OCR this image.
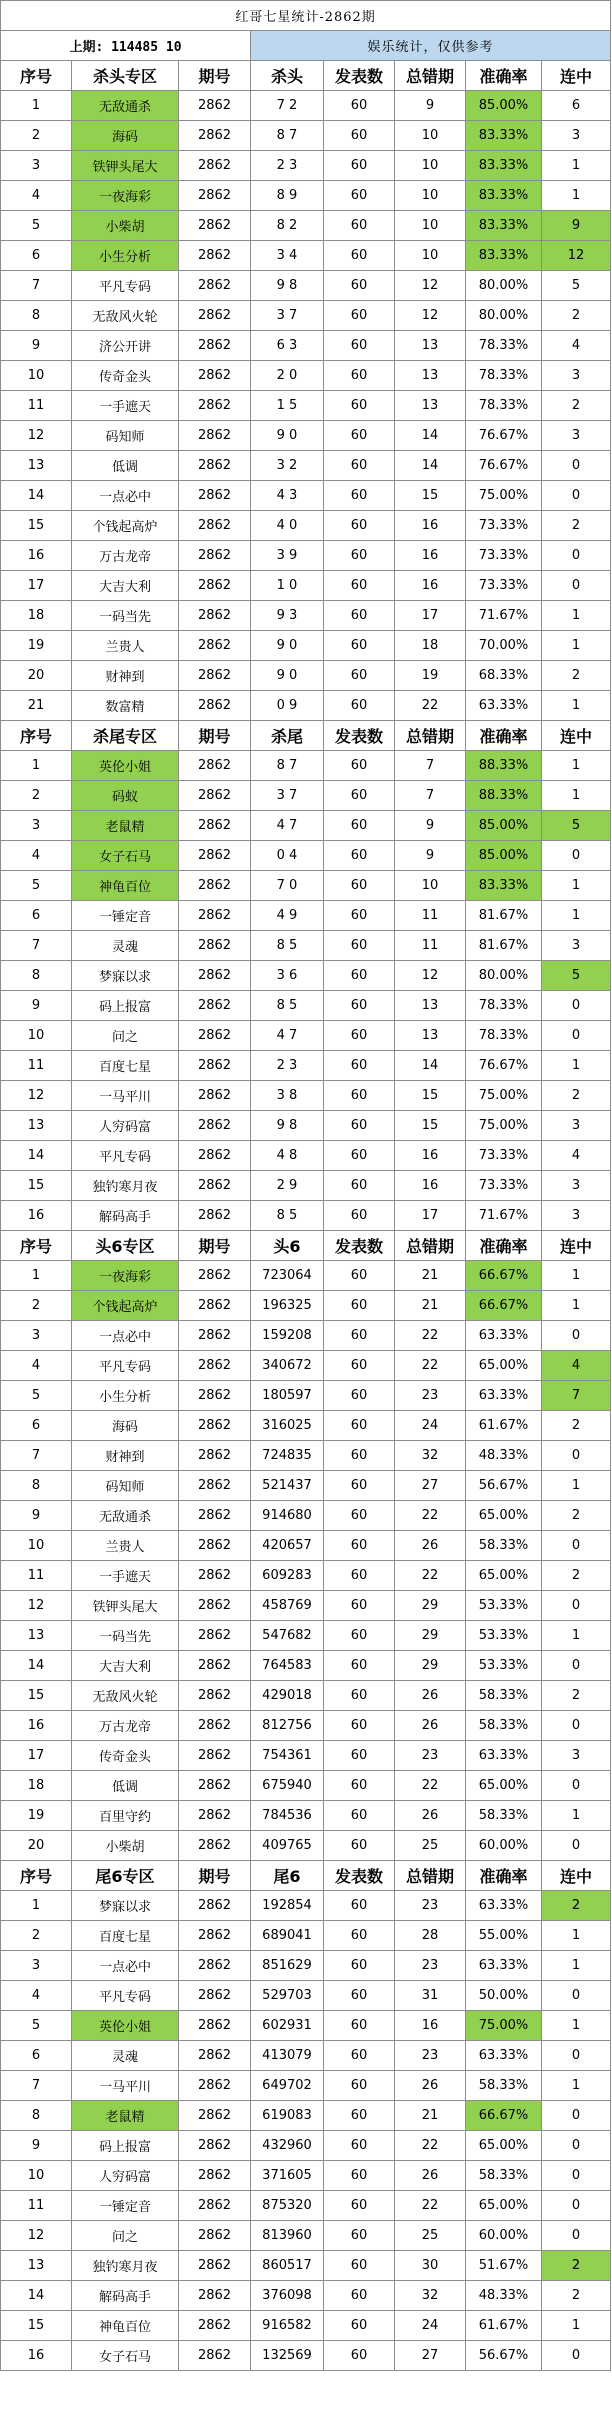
红哥七星统计-2862期							
上期: 114485 10			娱乐统计，仅供参考				
序号	杀头专区	期号	杀头	发表数	总错期	准确率	连中
1	无敌通杀	2862	7 2	60	9	85.00%	6
2	海码	2862	8 7	60	10	83.33%	3
3	铁钾头尾大	2862	2 3	60	10	83.33%	1
4	一夜海彩	2862	8 9	60	10	83.33%	1
5	小柴胡	2862	8 2	60	10	83.33%	9
6	小生分析	2862	3 4	60	10	83.33%	12
7	平凡专码	2862	9 8	60	12	80.00%	5
8	无敌风火轮	2862	3 7	60	12	80.00%	2
9	济公开讲	2862	6 3	60	13	78.33%	4
10	传奇金头	2862	2 0	60	13	78.33%	3
11	一手遮天	2862	1 5	60	13	78.33%	2
12	码知师	2862	9 0	60	14	76.67%	3
13	低调	2862	3 2	60	14	76.67%	0
14	一点必中	2862	4 3	60	15	75.00%	0
15	个钱起高炉	2862	4 0	60	16	73.33%	2
16	万古龙帝	2862	3 9	60	16	73.33%	0
17	大吉大利	2862	1 0	60	16	73.33%	0
18	一码当先	2862	9 3	60	17	71.67%	1
19	兰贵人	2862	9 0	60	18	70.00%	1
20	财神到	2862	9 0	60	19	68.33%	2
21	数富精	2862	0 9	60	22	63.33%	1
序号	杀尾专区	期号	杀尾	发表数	总错期	准确率	连中
1	英伦小姐	2862	8 7	60	7	88.33%	1
2	码蚁	2862	3 7	60	7	88.33%	1
3	老鼠精	2862	4 7	60	9	85.00%	5
4	女子石马	2862	0 4	60	9	85.00%	0
5	神龟百位	2862	7 0	60	10	83.33%	1
6	一锤定音	2862	4 9	60	11	81.67%	1
7	灵魂	2862	8 5	60	11	81.67%	3
8	梦寐以求	2862	3 6	60	12	80.00%	5
9	码上报富	2862	8 5	60	13	78.33%	0
10	问之	2862	4 7	60	13	78.33%	0
11	百度七星	2862	2 3	60	14	76.67%	1
12	一马平川	2862	3 8	60	15	75.00%	2
13	人穷码富	2862	9 8	60	15	75.00%	3
14	平凡专码	2862	4 8	60	16	73.33%	4
15	独钓寒月夜	2862	2 9	60	16	73.33%	3
16	解码高手	2862	8 5	60	17	71.67%	3
序号	头6专区	期号	头6	发表数	总错期	准确率	连中
1	一夜海彩	2862	723064	60	21	66.67%	1
2	个钱起高炉	2862	196325	60	21	66.67%	1
3	一点必中	2862	159208	60	22	63.33%	0
4	平凡专码	2862	340672	60	22	65.00%	4
5	小生分析	2862	180597	60	23	63.33%	7
6	海码	2862	316025	60	24	61.67%	2
7	财神到	2862	724835	60	32	48.33%	0
8	码知师	2862	521437	60	27	56.67%	1
9	无敌通杀	2862	914680	60	22	65.00%	2
10	兰贵人	2862	420657	60	26	58.33%	0
11	一手遮天	2862	609283	60	22	65.00%	2
12	铁钾头尾大	2862	458769	60	29	53.33%	0
13	一码当先	2862	547682	60	29	53.33%	1
14	大吉大利	2862	764583	60	29	53.33%	0
15	无敌风火轮	2862	429018	60	26	58.33%	2
16	万古龙帝	2862	812756	60	26	58.33%	0
17	传奇金头	2862	754361	60	23	63.33%	3
18	低调	2862	675940	60	22	65.00%	0
19	百里守约	2862	784536	60	26	58.33%	1
20	小柴胡	2862	409765	60	25	60.00%	0
序号	尾6专区	期号	尾6	发表数	总错期	准确率	连中
1	梦寐以求	2862	192854	60	23	63.33%	2
2	百度七星	2862	689041	60	28	55.00%	1
3	一点必中	2862	851629	60	23	63.33%	1
4	平凡专码	2862	529703	60	31	50.00%	0
5	英伦小姐	2862	602931	60	16	75.00%	1
6	灵魂	2862	413079	60	23	63.33%	0
7	一马平川	2862	649702	60	26	58.33%	1
8	老鼠精	2862	619083	60	21	66.67%	0
9	码上报富	2862	432960	60	22	65.00%	0
10	人穷码富	2862	371605	60	26	58.33%	0
11	一锤定音	2862	875320	60	22	65.00%	0
12	问之	2862	813960	60	25	60.00%	0
13	独钓寒月夜	2862	860517	60	30	51.67%	2
14	解码高手	2862	376098	60	32	48.33%	2
15	神龟百位	2862	916582	60	24	61.67%	1
16	女子石马	2862	132569	60	27	56.67%	0
